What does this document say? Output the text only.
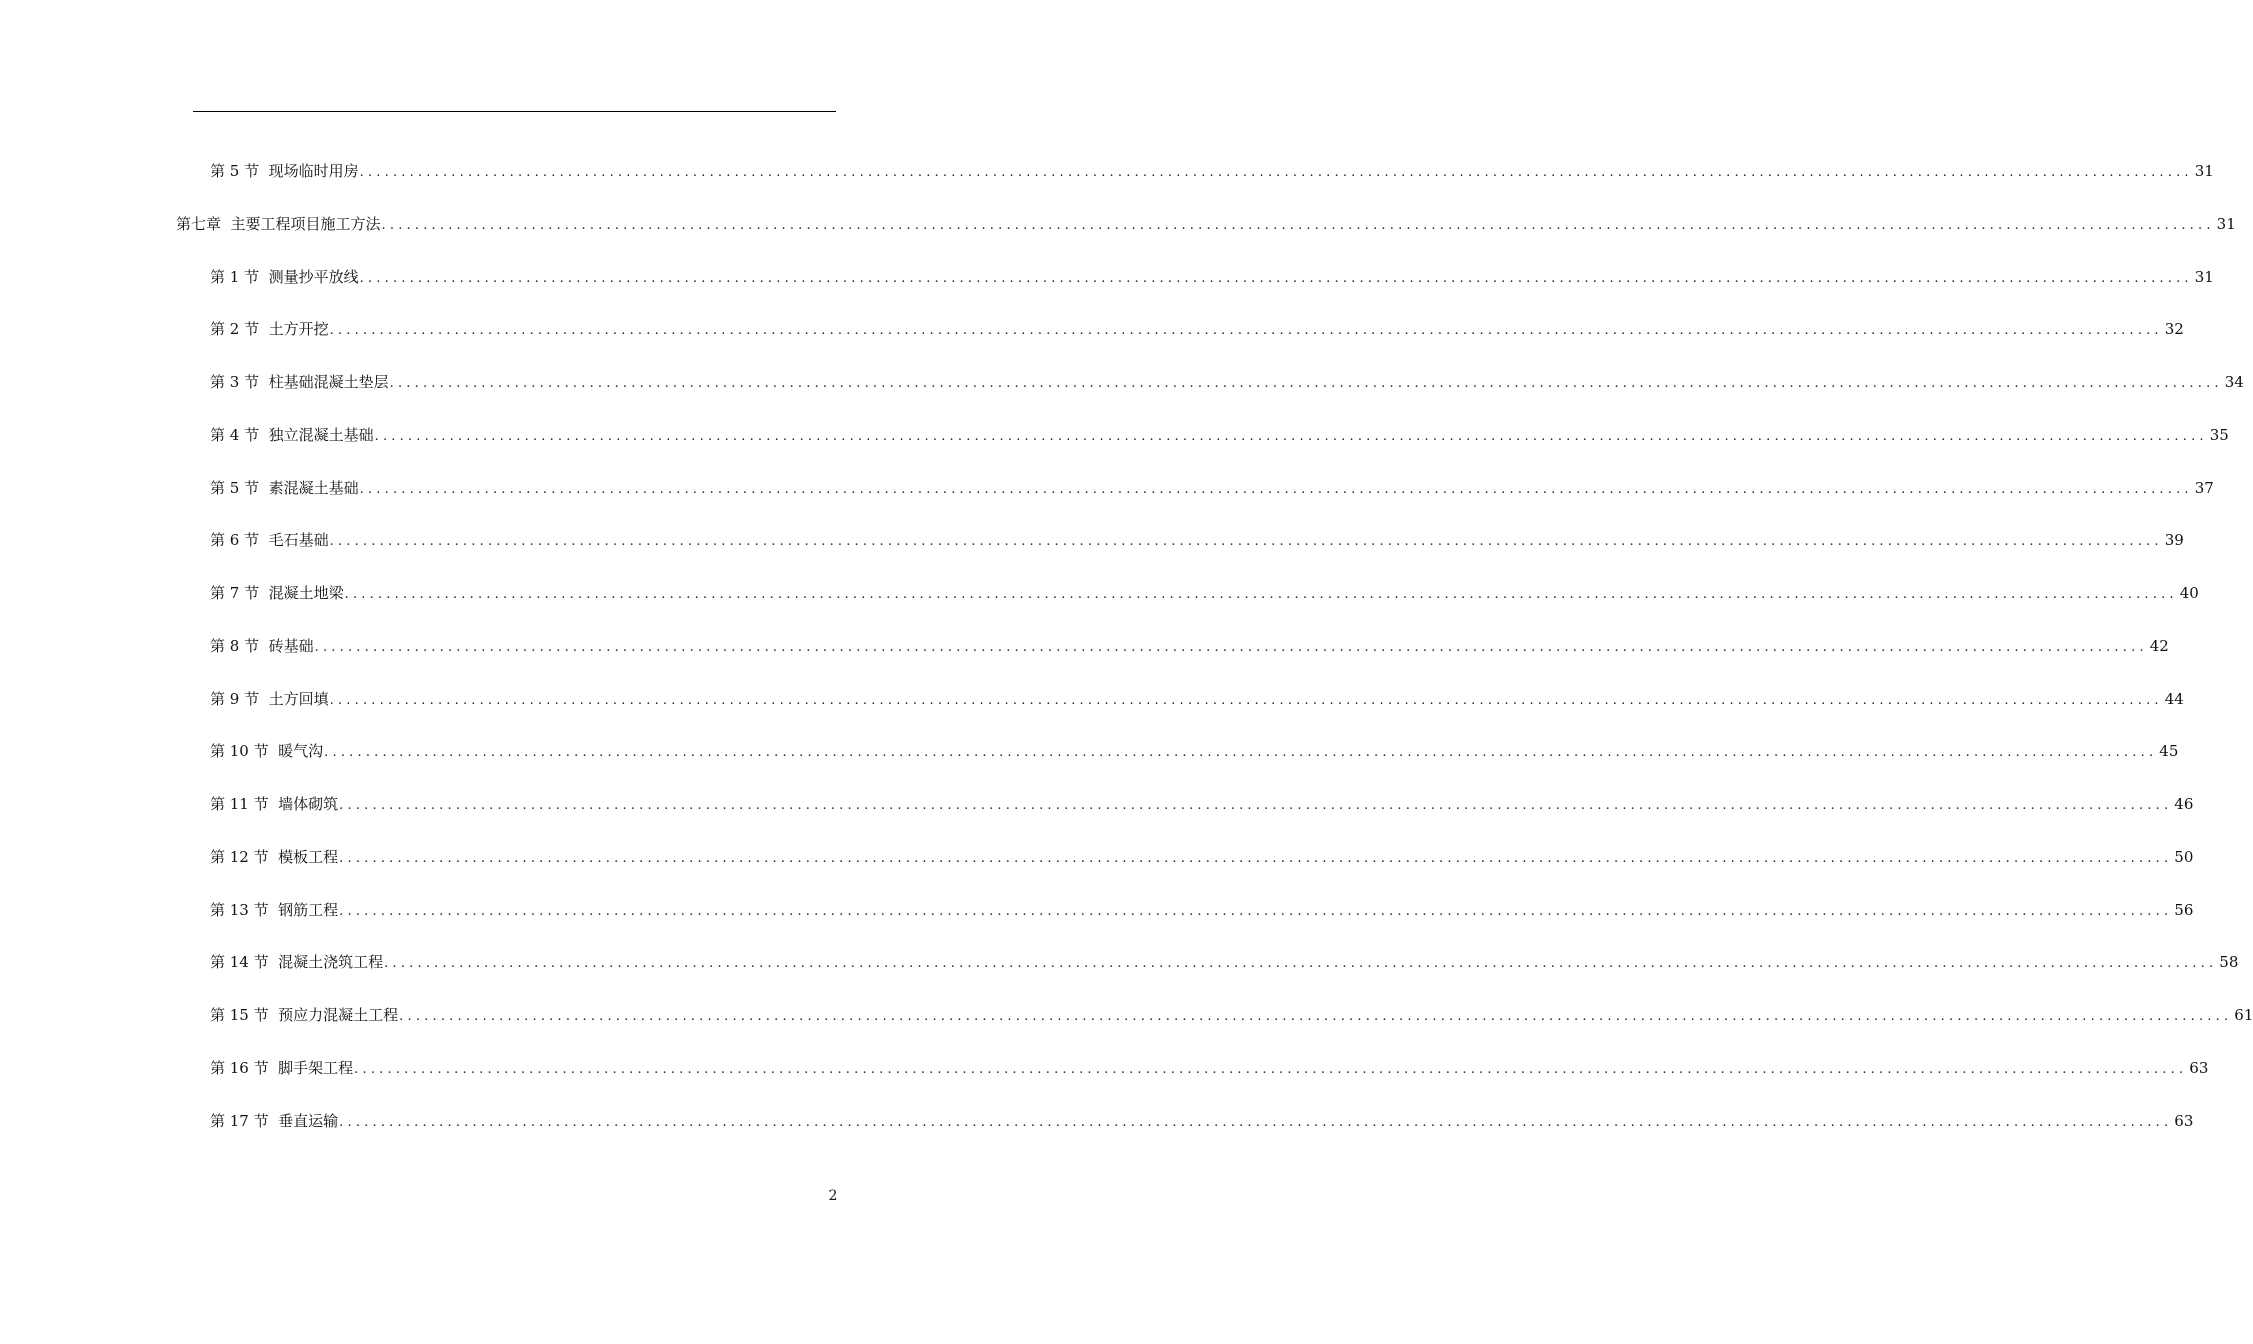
第 5 节  现场临时用房 ............................................................................................................................................................................................................................ 31
第七章  主要工程项目施工方法 ............................................................................................................................................................................................................................ 31
第 1 节  测量抄平放线 ............................................................................................................................................................................................................................ 31
第 2 节  土方开挖 ............................................................................................................................................................................................................................ 32
第 3 节  柱基础混凝土垫层 ............................................................................................................................................................................................................................ 34
第 4 节  独立混凝土基础 ............................................................................................................................................................................................................................ 35
第 5 节  素混凝土基础 ............................................................................................................................................................................................................................ 37
第 6 节  毛石基础 ............................................................................................................................................................................................................................ 39
第 7 节  混凝土地梁 ............................................................................................................................................................................................................................ 40
第 8 节  砖基础 ............................................................................................................................................................................................................................ 42
第 9 节  土方回填 ............................................................................................................................................................................................................................ 44
第 10 节  暖气沟 ............................................................................................................................................................................................................................ 45
第 11 节  墙体砌筑 ............................................................................................................................................................................................................................ 46
第 12 节  模板工程 ............................................................................................................................................................................................................................ 50
第 13 节  钢筋工程 ............................................................................................................................................................................................................................ 56
第 14 节  混凝土浇筑工程 ............................................................................................................................................................................................................................ 58
第 15 节  预应力混凝土工程 ............................................................................................................................................................................................................................ 61
第 16 节  脚手架工程 ............................................................................................................................................................................................................................ 63
第 17 节  垂直运输 ............................................................................................................................................................................................................................ 63
2
